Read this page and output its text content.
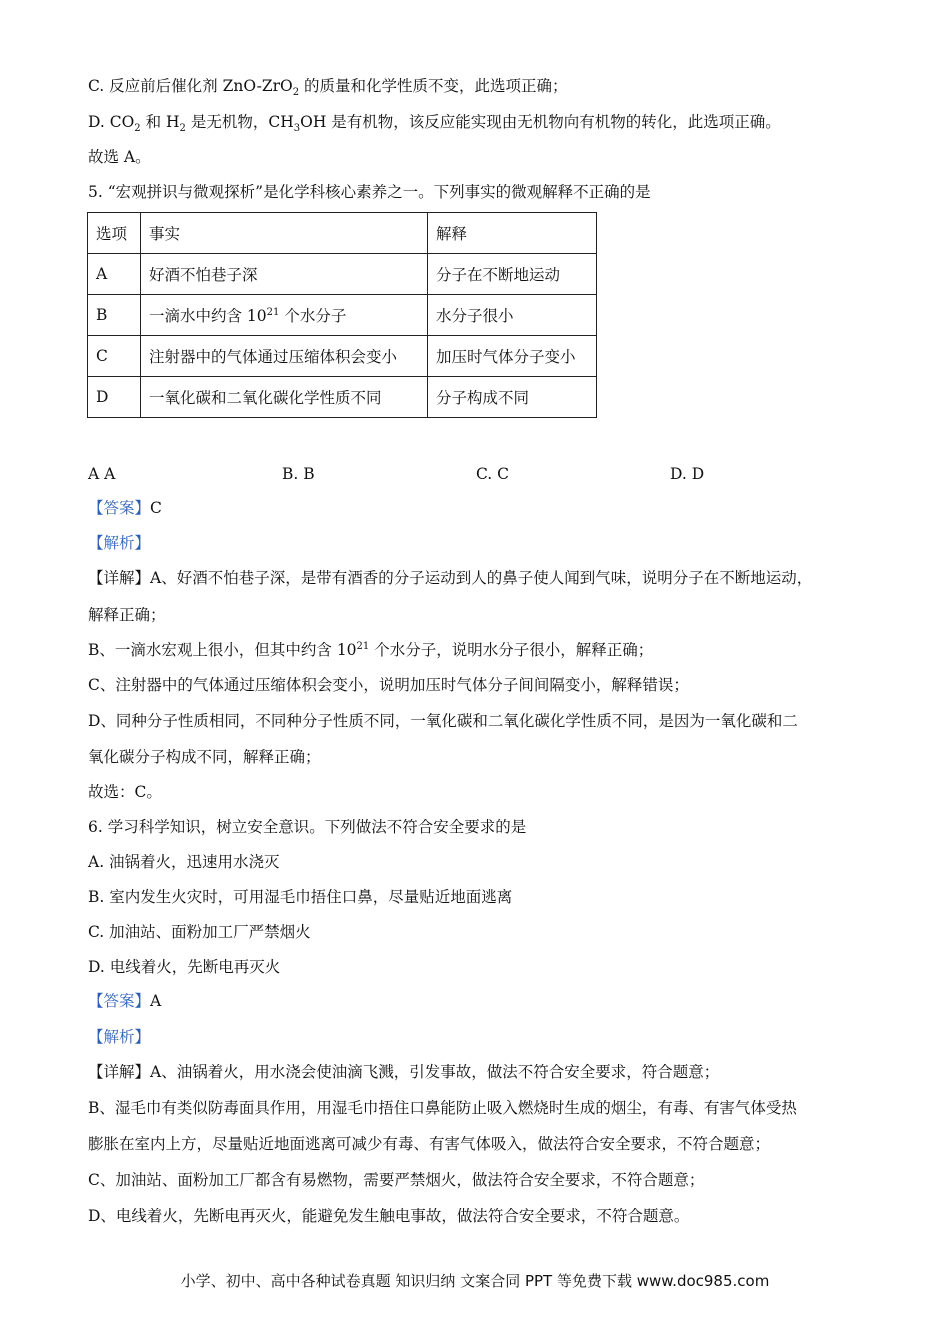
C. 反应前后催化剂 ZnO-ZrO$_2$ 的质量和化学性质不变，此选项正确；
D. $CO_2$ 和 $H_2$ 是无机物，$CH_3OH$ 是有机物，该反应能实现由无机物向有机物的转化，此选项正确。
故选 A。
5. “宏观拼识与微观探析”是化学科核心素养之一。下列事实的微观解释不正确的是
选项	事实	解释
A	好酒不怕巷子深	分子在不断地运动
B	一滴水中约含 $10^{21}$ 个水分子	水分子很小
C	注射器中的气体通过压缩体积会变小	加压时气体分子变小
D	一氧化碳和二氧化碳化学性质不同	分子构成不同
A A	B. B	C. C	D. D
【答案】C
【解析】
【详解】A、好酒不怕巷子深，是带有酒香的分子运动到人的鼻子使人闻到气味，说明分子在不断地运动，
解释正确；
B、一滴水宏观上很小，但其中约含 $10^{21}$ 个水分子，说明水分子很小，解释正确；
C、注射器中的气体通过压缩体积会变小，说明加压时气体分子间间隔变小，解释错误；
D、同种分子性质相同，不同种分子性质不同，一氧化碳和二氧化碳化学性质不同，是因为一氧化碳和二
氧化碳分子构成不同，解释正确；
故选：C。
6. 学习科学知识，树立安全意识。下列做法不符合安全要求的是
A. 油锅着火，迅速用水浇灭
B. 室内发生火灾时，可用湿毛巾捂住口鼻，尽量贴近地面逃离
C. 加油站、面粉加工厂严禁烟火
D. 电线着火，先断电再灭火
【答案】A
【解析】
【详解】A、油锅着火，用水浇会使油滴飞溅，引发事故，做法不符合安全要求，符合题意；
B、湿毛巾有类似防毒面具作用，用湿毛巾捂住口鼻能防止吸入燃烧时生成的烟尘，有毒、有害气体受热
膨胀在室内上方，尽量贴近地面逃离可减少有毒、有害气体吸入，做法符合安全要求，不符合题意；
C、加油站、面粉加工厂都含有易燃物，需要严禁烟火，做法符合安全要求，不符合题意；
D、电线着火，先断电再灭火，能避免发生触电事故，做法符合安全要求，不符合题意。
小学、初中、高中各种试卷真题 知识归纳 文案合同 PPT 等免费下载 www.doc985.com
